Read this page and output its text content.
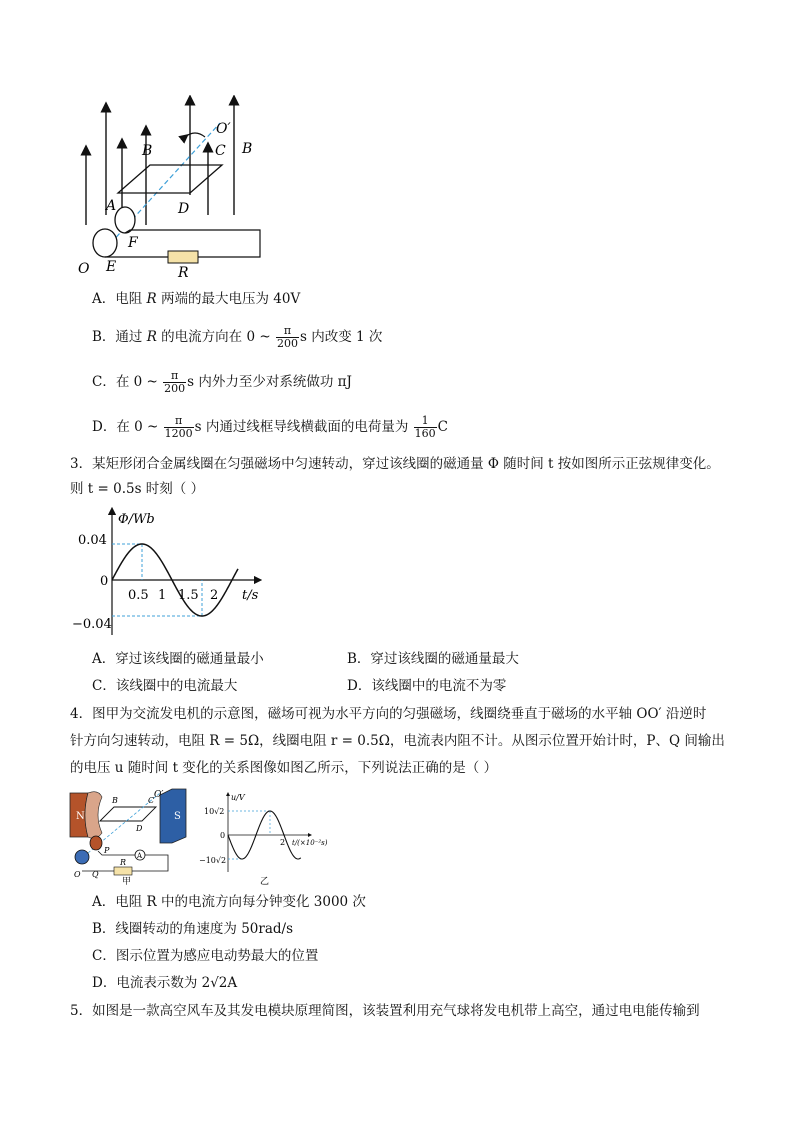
O′
B
B	C
A	D
F
O E	R
A．电阻 R 两端的最大电压为 40V
B．通过 R 的电流方向在 0 ~ $\frac{\pi}{200}$ s 内改变 1 次
C．在 0 ~ $\frac{\pi}{200}$ s 内外力至少对系统做功 πJ
D．在 0 ~ $\frac{\pi}{1200}$ s 内通过线框导线横截面的电荷量为 $\frac{1}{160}$ C
3．某矩形闭合金属线圈在匀强磁场中匀速转动，穿过该线圈的磁通量 Φ 随时间 t 按如图所示正弦规律变化。
则 t = 0.5s 时刻（ ）
Φ/Wb
t/s
0.04
0
−0.04
0.5 1 1.5 2
A．穿过该线圈的磁通量最小	B．穿过该线圈的磁通量最大
C．该线圈中的电流最大	D．该线圈中的电流不为零
4．图甲为交流发电机的示意图，磁场可视为水平方向的匀强磁场，线圈绕垂直于磁场的水平轴 OO′ 沿逆时
针方向匀速转动，电阻 R = 5Ω，线圈电阻 r = 0.5Ω，电流表内阻不计。从图示位置开始计时，P、Q 间输出
的电压 u 随时间 t 变化的关系图像如图乙所示，下列说法正确的是（ ）
N	S
A
O′
B	C
D
P
Q
O
R
甲
u/V
10√2
0
−10√2
2 t/(×10⁻²s)
乙
A．电阻 R 中的电流方向每分钟变化 3000 次
B．线圈转动的角速度为 50rad/s
C．图示位置为感应电动势最大的位置
D．电流表示数为 2√2A
5．如图是一款高空风车及其发电模块原理简图，该装置利用充气球将发电机带上高空，通过电电能传输到
